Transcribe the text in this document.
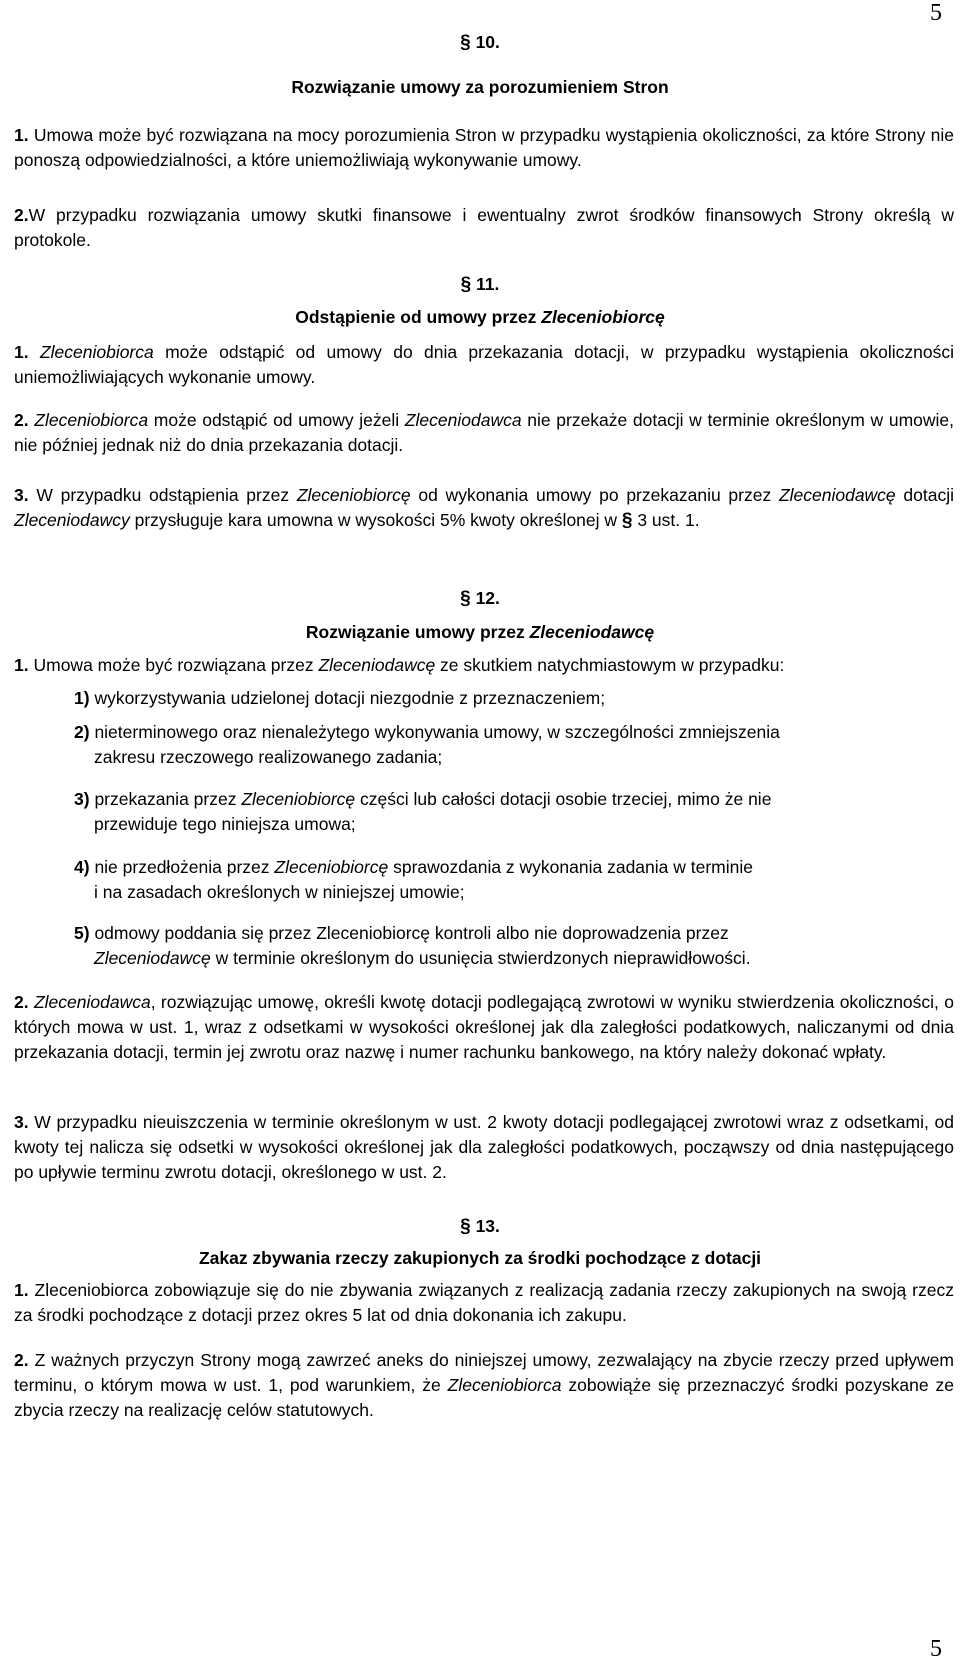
5
§ 10.
Rozwiązanie umowy za porozumieniem Stron
1. Umowa może być rozwiązana na mocy porozumienia Stron w przypadku wystąpienia okoliczności, za które Strony nie ponoszą odpowiedzialności, a które uniemożliwiają wykonywanie umowy.
2.W przypadku rozwiązania umowy skutki finansowe i ewentualny zwrot środków finansowych Strony określą w protokole.
§ 11.
Odstąpienie od umowy przez Zleceniobiorcę
1. Zleceniobiorca może odstąpić od umowy do dnia przekazania dotacji, w przypadku wystąpienia okoliczności uniemożliwiających wykonanie umowy.
2. Zleceniobiorca może odstąpić od umowy jeżeli Zleceniodawca nie przekaże dotacji w terminie określonym w umowie, nie później jednak niż do dnia przekazania dotacji.
3. W przypadku odstąpienia przez Zleceniobiorcę od wykonania umowy po przekazaniu przez Zleceniodawcę dotacji Zleceniodawcy przysługuje kara umowna w wysokości 5% kwoty określonej w § 3 ust. 1.
§ 12.
Rozwiązanie umowy przez Zleceniodawcę
1. Umowa może być rozwiązana przez Zleceniodawcę ze skutkiem natychmiastowym w przypadku:
1) wykorzystywania udzielonej dotacji niezgodnie z przeznaczeniem;
2) nieterminowego oraz nienależytego wykonywania umowy, w szczególności zmniejszenia
zakresu rzeczowego realizowanego zadania;
3) przekazania przez Zleceniobiorcę części lub całości dotacji osobie trzeciej, mimo że nie
przewiduje tego niniejsza umowa;
4) nie przedłożenia przez Zleceniobiorcę sprawozdania z wykonania zadania w terminie
i na zasadach określonych w niniejszej umowie;
5) odmowy poddania się przez Zleceniobiorcę kontroli albo nie doprowadzenia przez
Zleceniodawcę w terminie określonym do usunięcia stwierdzonych nieprawidłowości.
2. Zleceniodawca, rozwiązując umowę, określi kwotę dotacji podlegającą zwrotowi w wyniku stwierdzenia okoliczności, o których mowa w ust. 1, wraz z odsetkami w wysokości określonej jak dla zaległości podatkowych, naliczanymi od dnia przekazania dotacji, termin jej zwrotu oraz nazwę i numer rachunku bankowego, na który należy dokonać wpłaty.
3. W przypadku nieuiszczenia w terminie określonym w ust. 2 kwoty dotacji podlegającej zwrotowi wraz z odsetkami, od kwoty tej nalicza się odsetki w wysokości określonej jak dla zaległości podatkowych, począwszy od dnia następującego po upływie terminu zwrotu dotacji, określonego w ust. 2.
§ 13.
Zakaz zbywania rzeczy zakupionych za środki pochodzące z dotacji
1. Zleceniobiorca zobowiązuje się do nie zbywania związanych z realizacją zadania rzeczy zakupionych na swoją rzecz za środki pochodzące z dotacji przez okres 5 lat od dnia dokonania ich zakupu.
2. Z ważnych przyczyn Strony mogą zawrzeć aneks do niniejszej umowy, zezwalający na zbycie rzeczy przed upływem terminu, o którym mowa w ust. 1, pod warunkiem, że Zleceniobiorca zobowiąże się przeznaczyć środki pozyskane ze zbycia rzeczy na realizację celów statutowych.
5
